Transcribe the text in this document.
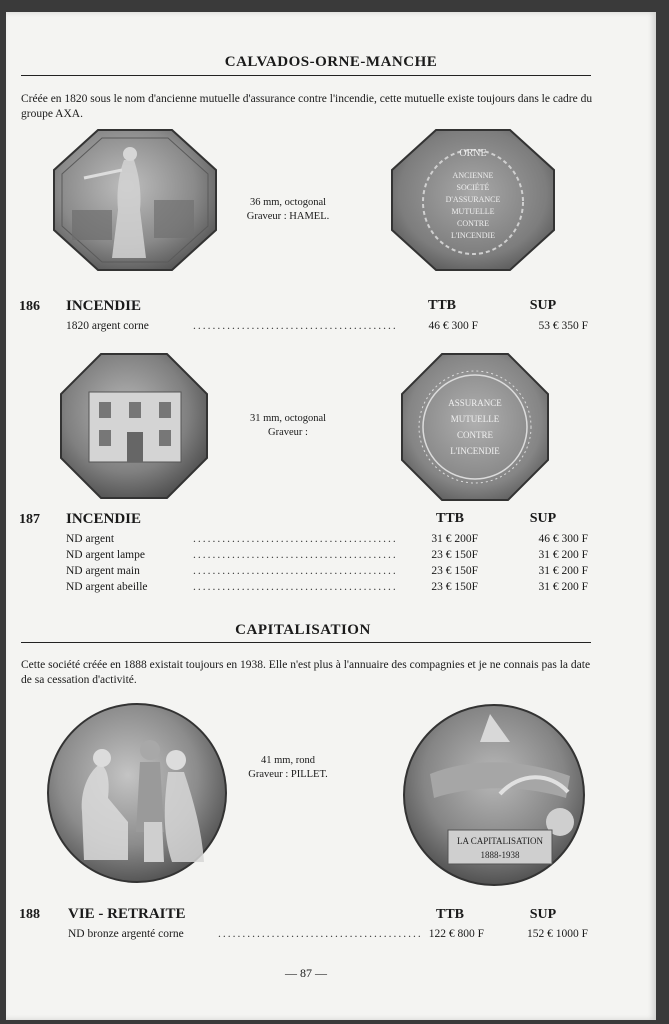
CALVADOS-ORNE-MANCHE
Créée en 1820 sous le nom d'ancienne mutuelle d'assurance contre l'incendie, cette mutuelle existe toujours dans le cadre du groupe AXA.
36 mm, octogonal
Graveur : HAMEL.
ORNE
ANCIENNE
SOCIÉTÉ
D'ASSURANCE
MUTUELLE
CONTRE
L'INCENDIE
186 INCENDIE	TTB	SUP
1820 argent corne	..........................................	46 € 300 F	53 € 350 F
31 mm, octogonal
Graveur :
ASSURANCE
MUTUELLE
CONTRE
L'INCENDIE
187 INCENDIE	TTB	SUP
ND argent	..........................................	31 € 200F	46 € 300 F
ND argent lampe	..........................................	23 € 150F	31 € 200 F
ND argent main	..........................................	23 € 150F	31 € 200 F
ND argent abeille	..........................................	23 € 150F	31 € 200 F
CAPITALISATION
Cette société créée en 1888 existait toujours en 1938. Elle n'est plus à l'annuaire des compagnies et je ne connais pas la date de sa cessation d'activité.
41 mm, rond
Graveur : PILLET.
LA CAPITALISATION
1888-1938
188 VIE - RETRAITE	TTB	SUP
ND bronze argenté corne	.......................................... 122 € 800 F	152 € 1000 F
— 87 —
